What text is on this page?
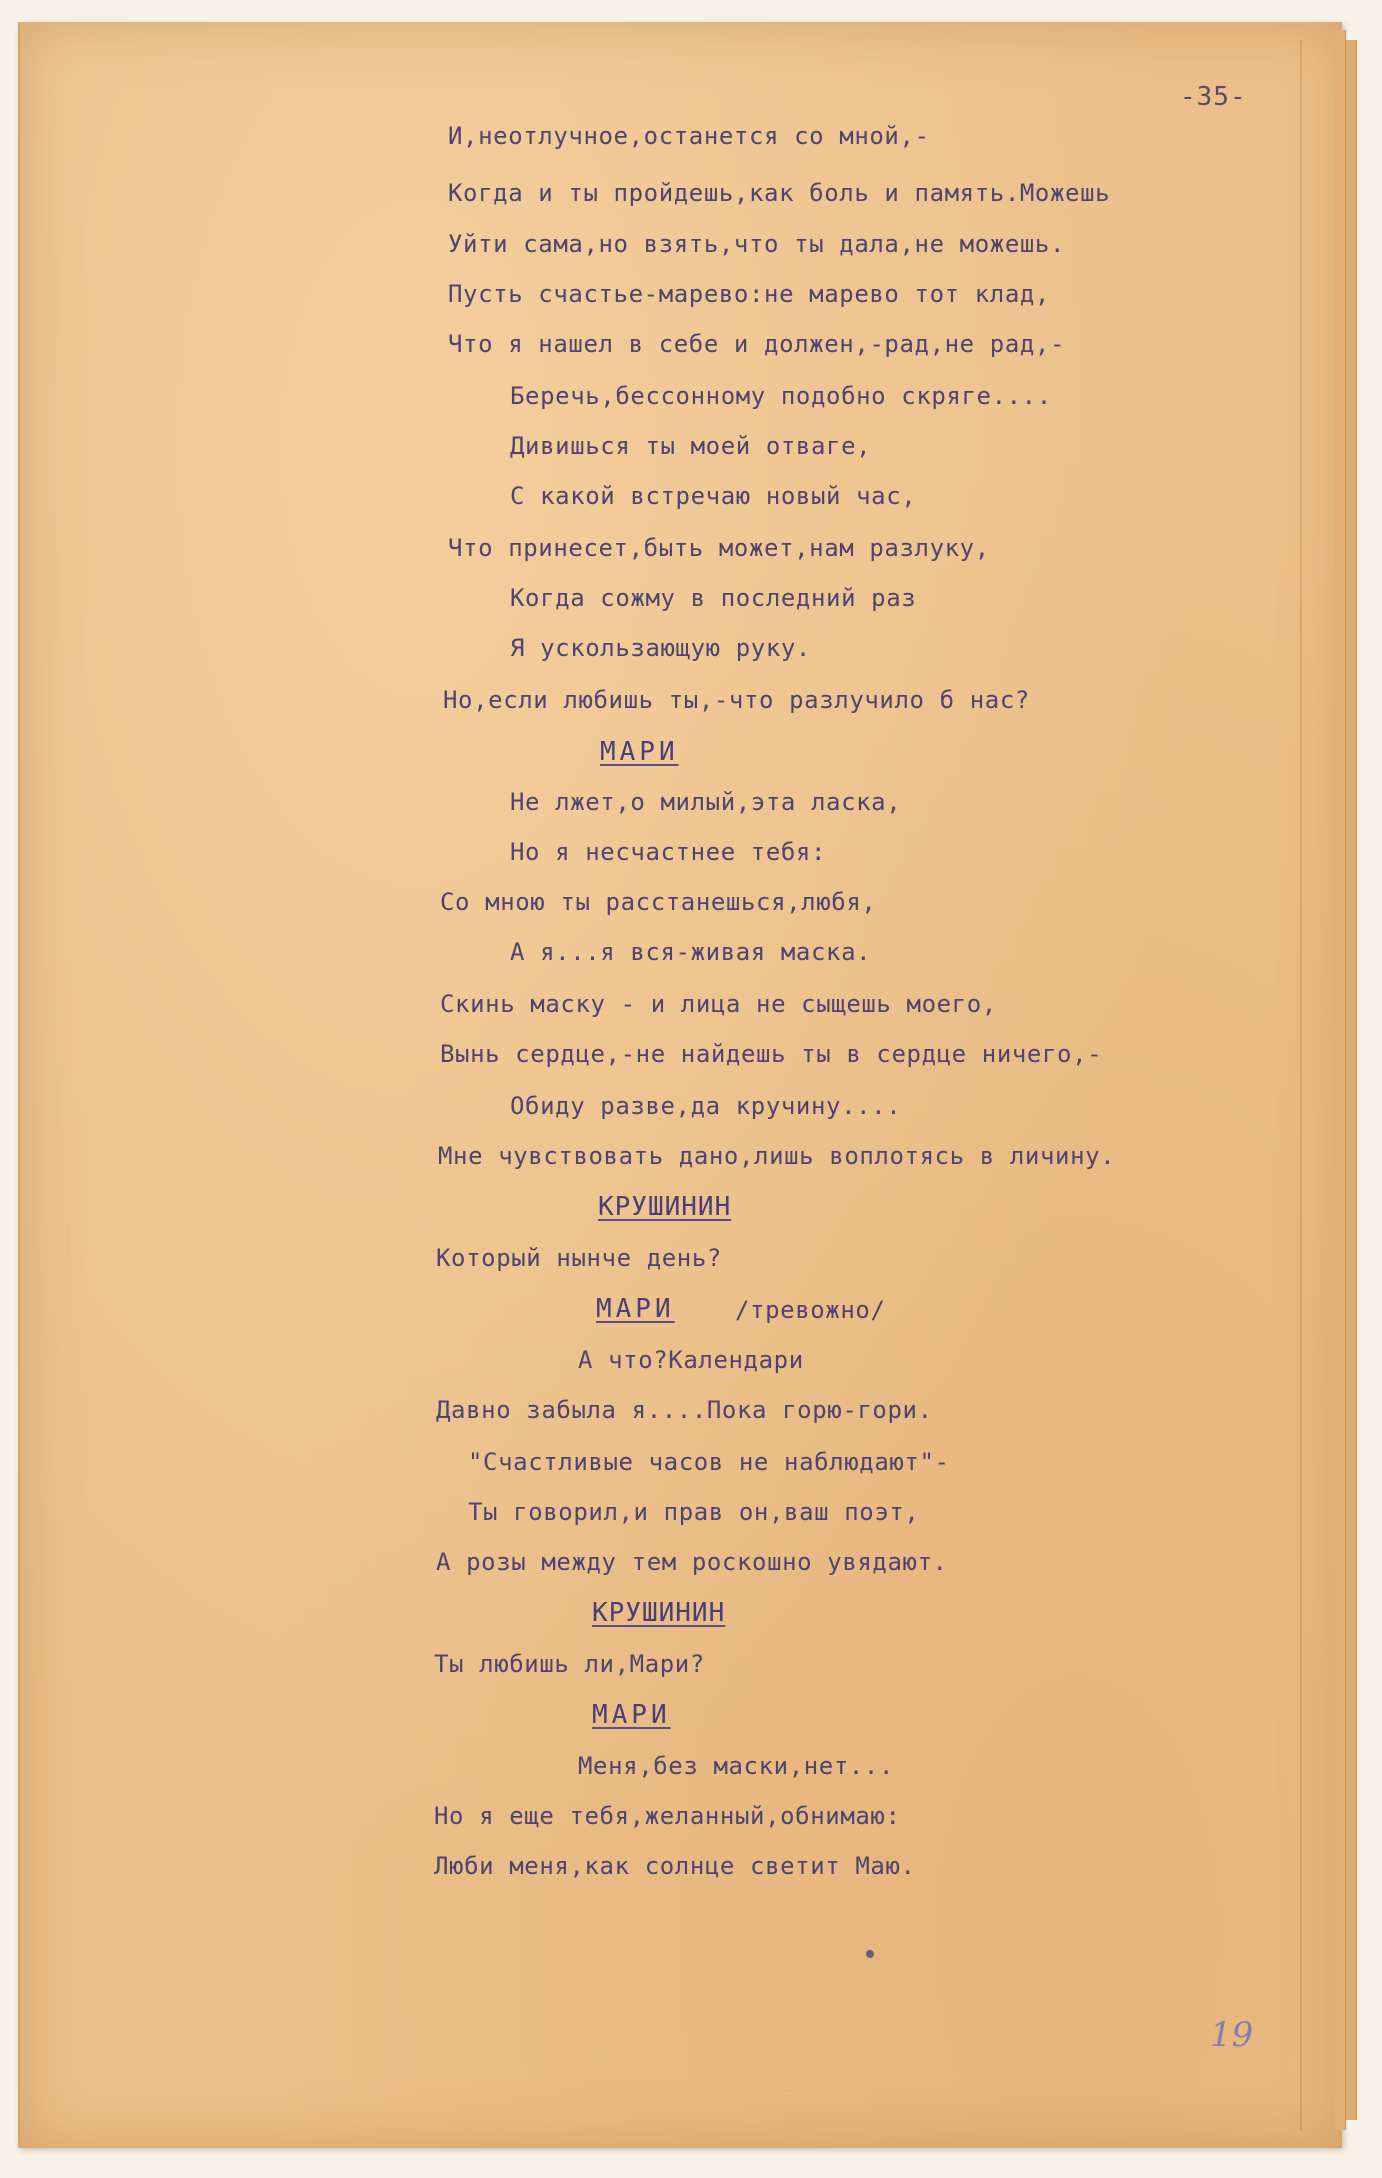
-35-
И,неотлучное,останется со мной,-
Когда и ты пройдешь,как боль и память.Можешь
Уйти сама,но взять,что ты дала,не можешь.
Пусть счастье-марево:не марево тот клад,
Что я нашел в себе и должен,-рад,не рад,-
Беречь,бессонному подобно скряге....
Дивишься ты моей отваге,
С какой встречаю новый час,
Что принесет,быть может,нам разлуку,
Когда сожму в последний раз
Я ускользающую руку.
Но,если любишь ты,-что разлучило б нас?
МАРИ
Не лжет,о милый,эта ласка,
Но я несчастнее тебя:
Со мною ты расстанешься,любя,
А я...я вся-живая маска.
Скинь маску - и лица не сыщешь моего,
Вынь сердце,-не найдешь ты в сердце ничего,-
Обиду разве,да кручину....
Мне чувствовать дано,лишь воплотясь в личину.
КРУШИНИН
Который нынче день?
МАРИ	/тревожно/
А что?Календари
Давно забыла я....Пока горю-гори.
"Счастливые часов не наблюдают"-
Ты говорил,и прав он,ваш поэт,
А розы между тем роскошно увядают.
КРУШИНИН
Ты любишь ли,Мари?
МАРИ
Меня,без маски,нет...
Но я еще тебя,желанный,обнимаю:
Люби меня,как солнце светит Маю.
19
